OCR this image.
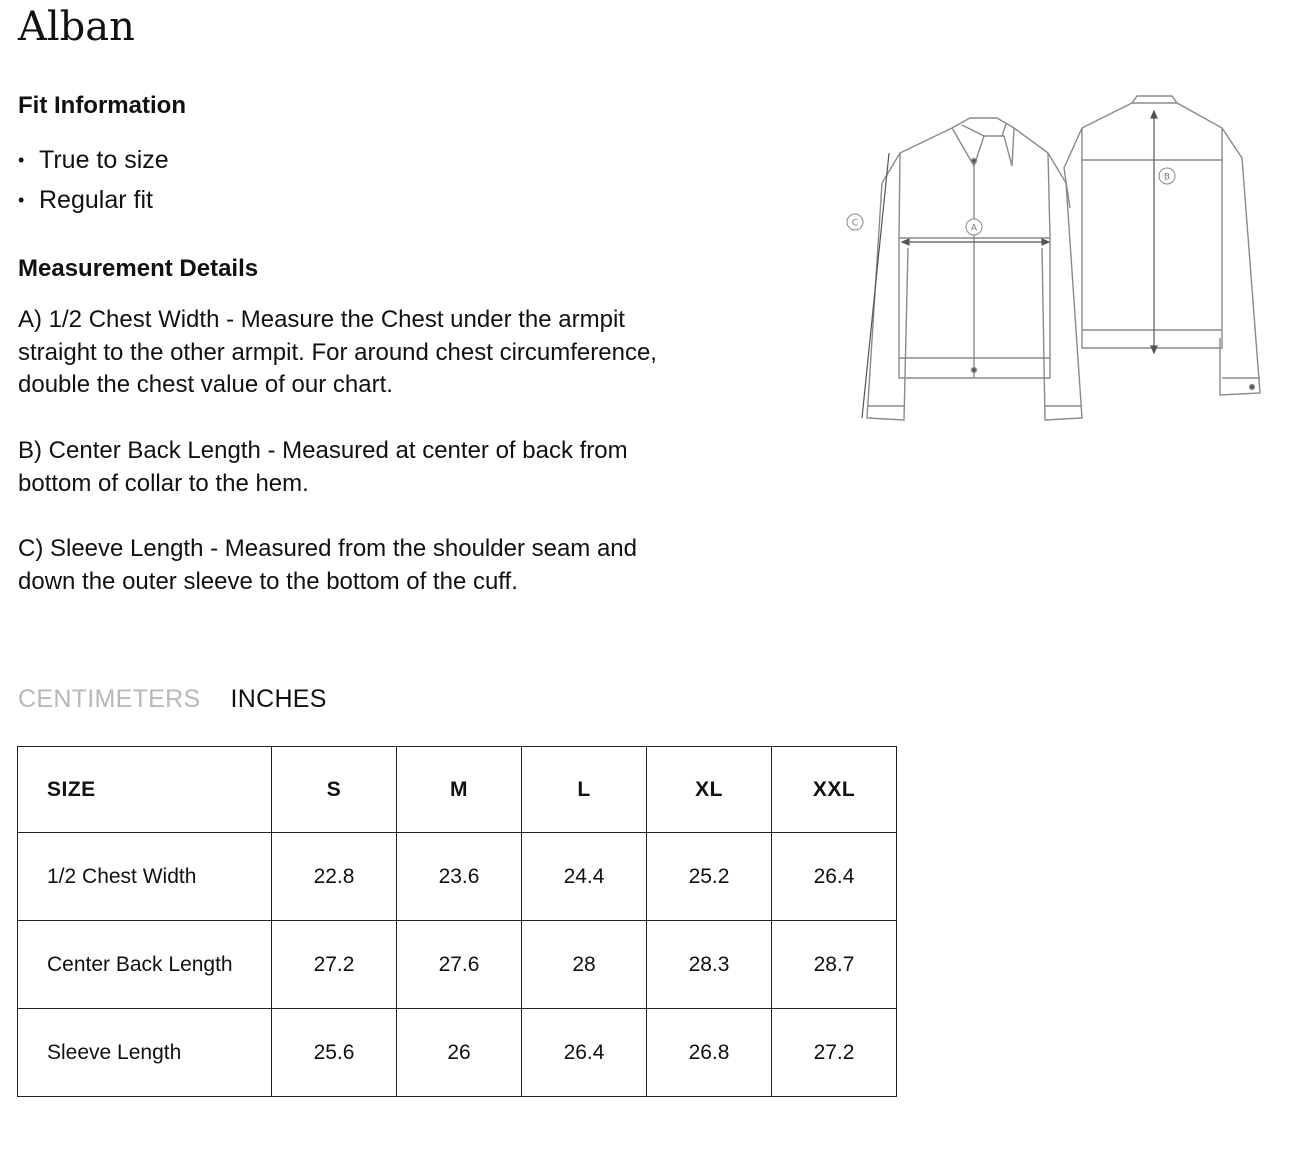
Alban
Fit Information
• True to size
• Regular fit
Measurement Details

A) 1/2 Chest Width - Measure the Chest under the armpit straight to the other armpit. For around chest circumference, double the chest value of our chart.

B) Center Back Length - Measured at center of back from bottom of collar to the hem.

C) Sleeve Length - Measured from the shoulder seam and down the outer sleeve to the bottom of the cuff.

A
B
C
CENTIMETERS INCHES
SIZE	S	M	L	XL	XXL
1/2 Chest Width	22.8	23.6	24.4	25.2	26.4
Center Back Length	27.2	27.6	28	28.3	28.7
Sleeve Length	25.6	26	26.4	26.8	27.2
